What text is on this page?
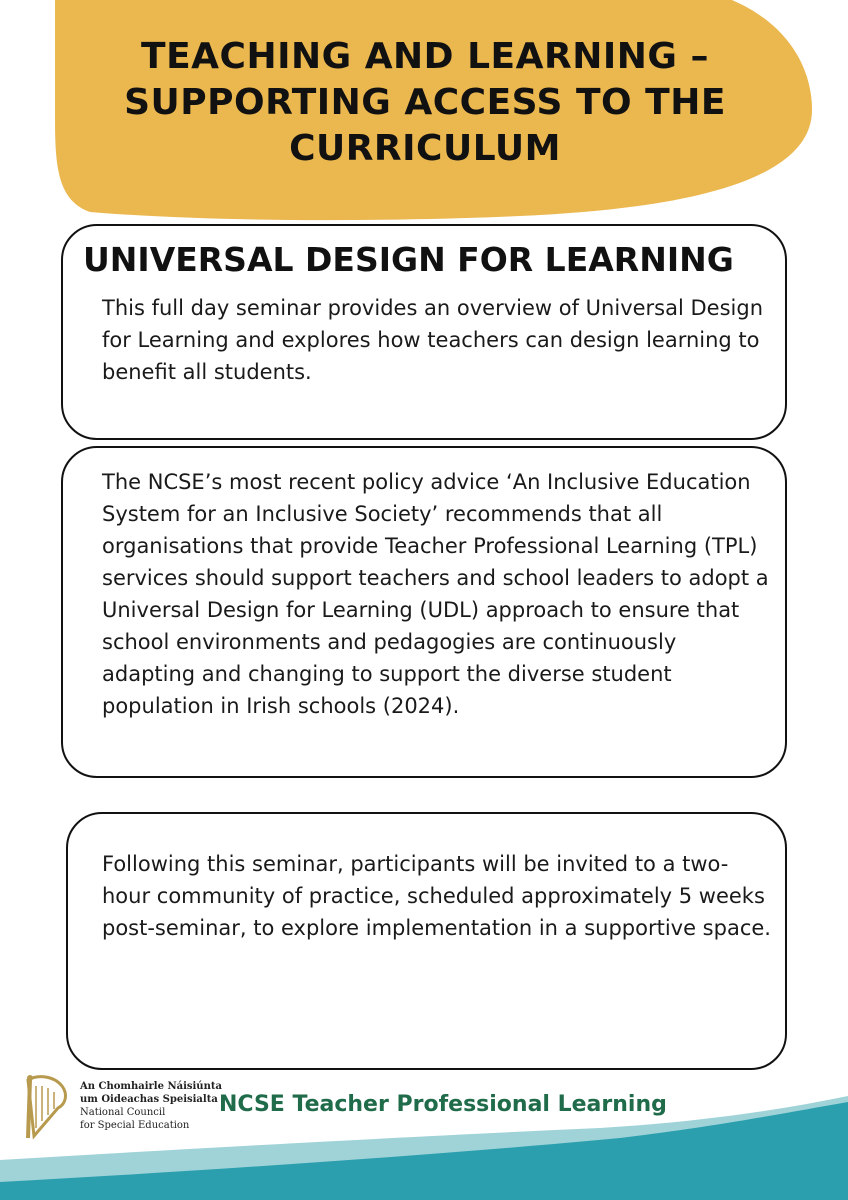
TEACHING AND LEARNING – SUPPORTING ACCESS TO THE CURRICULUM
UNIVERSAL DESIGN FOR LEARNING

This full day seminar provides an overview of Universal Design for Learning and explores how teachers can design learning to benefit all students.

The NCSE’s most recent policy advice ‘An Inclusive Education System for an Inclusive Society’ recommends that all organisations that provide Teacher Professional Learning (TPL) services should support teachers and school leaders to adopt a Universal Design for Learning (UDL) approach to ensure that school environments and pedagogies are continuously adapting and changing to support the diverse student population in Irish schools (2024).

Following this seminar, participants will be invited to a two-hour community of practice, scheduled approximately 5 weeks post-seminar, to explore implementation in a supportive space.

An Chomhairle Náisiúnta
um Oideachas Speisialta
National Council
for Special Education

NCSE Teacher Professional Learning
